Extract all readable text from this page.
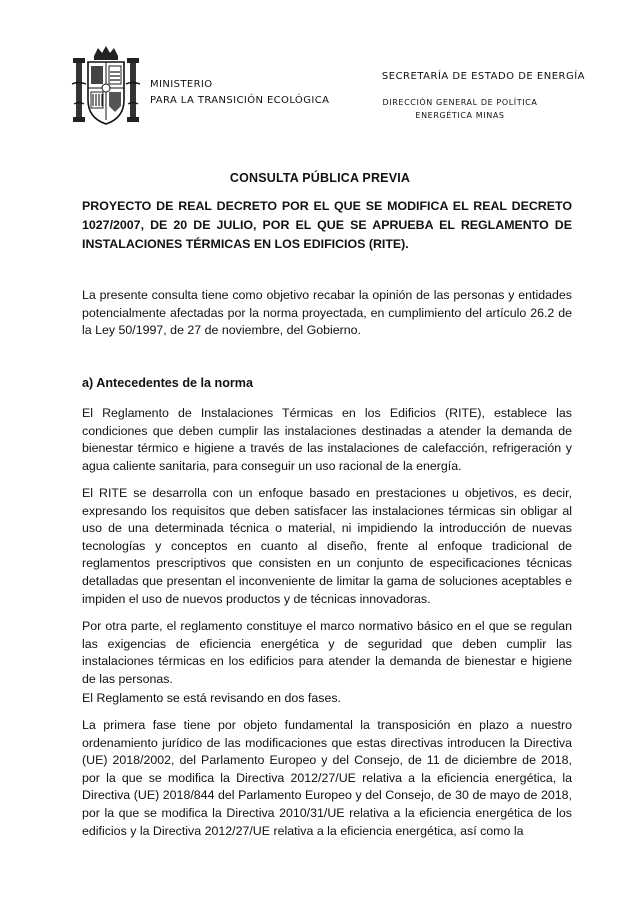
MINISTERIO
PARA LA TRANSICIÓN ECOLÓGICA
SECRETARÍA DE ESTADO DE ENERGÍA
DIRECCIÓN GENERAL DE POLÍTICA
ENERGÉTICA MINAS
CONSULTA PÚBLICA PREVIA
PROYECTO DE REAL DECRETO POR EL QUE SE MODIFICA EL REAL DECRETO 1027/2007, DE 20 DE JULIO, POR EL QUE SE APRUEBA EL REGLAMENTO DE INSTALACIONES TÉRMICAS EN LOS EDIFICIOS (RITE).

La presente consulta tiene como objetivo recabar la opinión de las personas y entidades potencialmente afectadas por la norma proyectada, en cumplimiento del artículo 26.2 de la Ley 50/1997, de 27 de noviembre, del Gobierno.

a) Antecedentes de la norma

El Reglamento de Instalaciones Térmicas en los Edificios (RITE), establece las condiciones que deben cumplir las instalaciones destinadas a atender la demanda de bienestar térmico e higiene a través de las instalaciones de calefacción, refrigeración y agua caliente sanitaria, para conseguir un uso racional de la energía.

El RITE se desarrolla con un enfoque basado en prestaciones u objetivos, es decir, expresando los requisitos que deben satisfacer las instalaciones térmicas sin obligar al uso de una determinada técnica o material, ni impidiendo la introducción de nuevas tecnologías y conceptos en cuanto al diseño, frente al enfoque tradicional de reglamentos prescriptivos que consisten en un conjunto de especificaciones técnicas detalladas que presentan el inconveniente de limitar la gama de soluciones aceptables e impiden el uso de nuevos productos y de técnicas innovadoras.

Por otra parte, el reglamento constituye el marco normativo básico en el que se regulan las exigencias de eficiencia energética y de seguridad que deben cumplir las instalaciones térmicas en los edificios para atender la demanda de bienestar e higiene de las personas.

El Reglamento se está revisando en dos fases.

La primera fase tiene por objeto fundamental la transposición en plazo a nuestro ordenamiento jurídico de las modificaciones que estas directivas introducen la Directiva (UE) 2018/2002, del Parlamento Europeo y del Consejo, de 11 de diciembre de 2018, por la que se modifica la Directiva 2012/27/UE relativa a la eficiencia energética, la Directiva (UE) 2018/844 del Parlamento Europeo y del Consejo, de 30 de mayo de 2018, por la que se modifica la Directiva 2010/31/UE relativa a la eficiencia energética de los edificios y la Directiva 2012/27/UE relativa a la eficiencia energética, así como la
